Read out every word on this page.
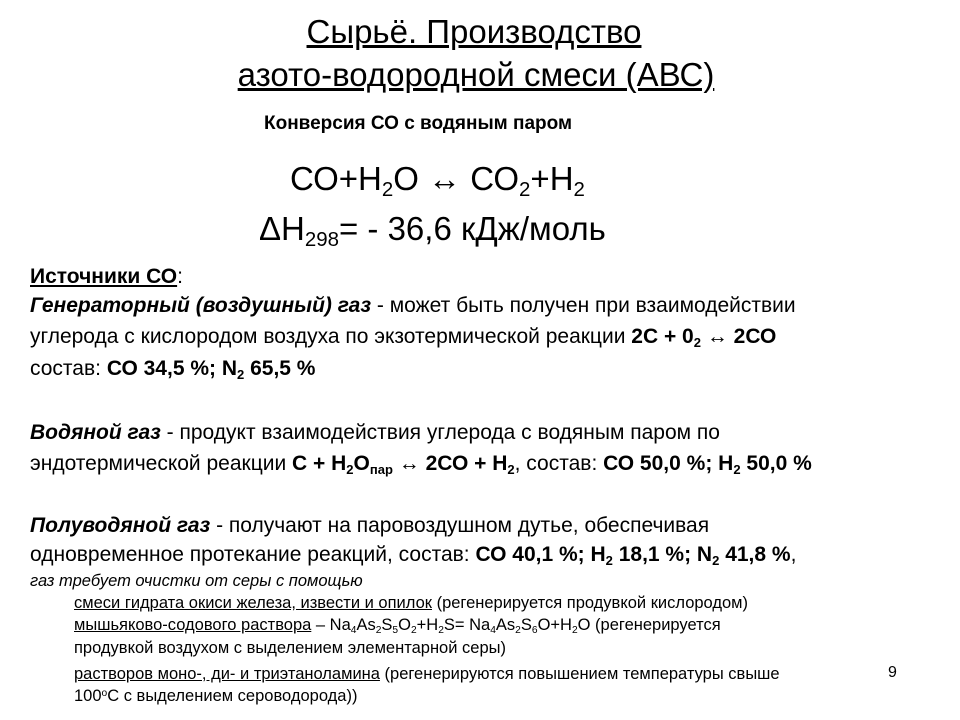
Сырьё. Производство
азото-водородной смеси (АВС)
Конверсия СО с водяным паром
$СО+Н_2О$ ↔ $СО_2+Н_2$
$\Delta Н_{298}= - 36,6$ кДж/моль
Источники СО:
Генераторный (воздушный) газ - может быть получен при взаимодействии
углерода с кислородом воздуха по экзотермической реакции $2С + 0_2$ ↔ 2СО
состав: СО 34,5 %; $N_2$ 65,5 %
Водяной газ - продукт взаимодействия углерода с водяным паром по
эндотермической реакции $С + Н_2О_{пар}$ ↔ $2СО + Н_2$, состав: СО 50,0 %; $Н_2$ 50,0 %
Полуводяной газ - получают на паровоздушном дутье, обеспечивая
одновременное протекание реакций, состав: СО 40,1 %; $Н_2$ 18,1 %; $N_2$ 41,8 %,
газ требует очистки от серы с помощью
смеси гидрата окиси железа, извести и опилок (регенерируется продувкой кислородом)
мышьяково-содового раствора – $Na_4As_2S_5O_2+H_2S= Na_4As_2S_6O+H_2O$ (регенерируется
продувкой воздухом с выделением элементарной серы)
растворов моно-, ди- и триэтаноламина (регенерируются повышением температуры свыше
$100^оС$ с выделением сероводорода))
9
